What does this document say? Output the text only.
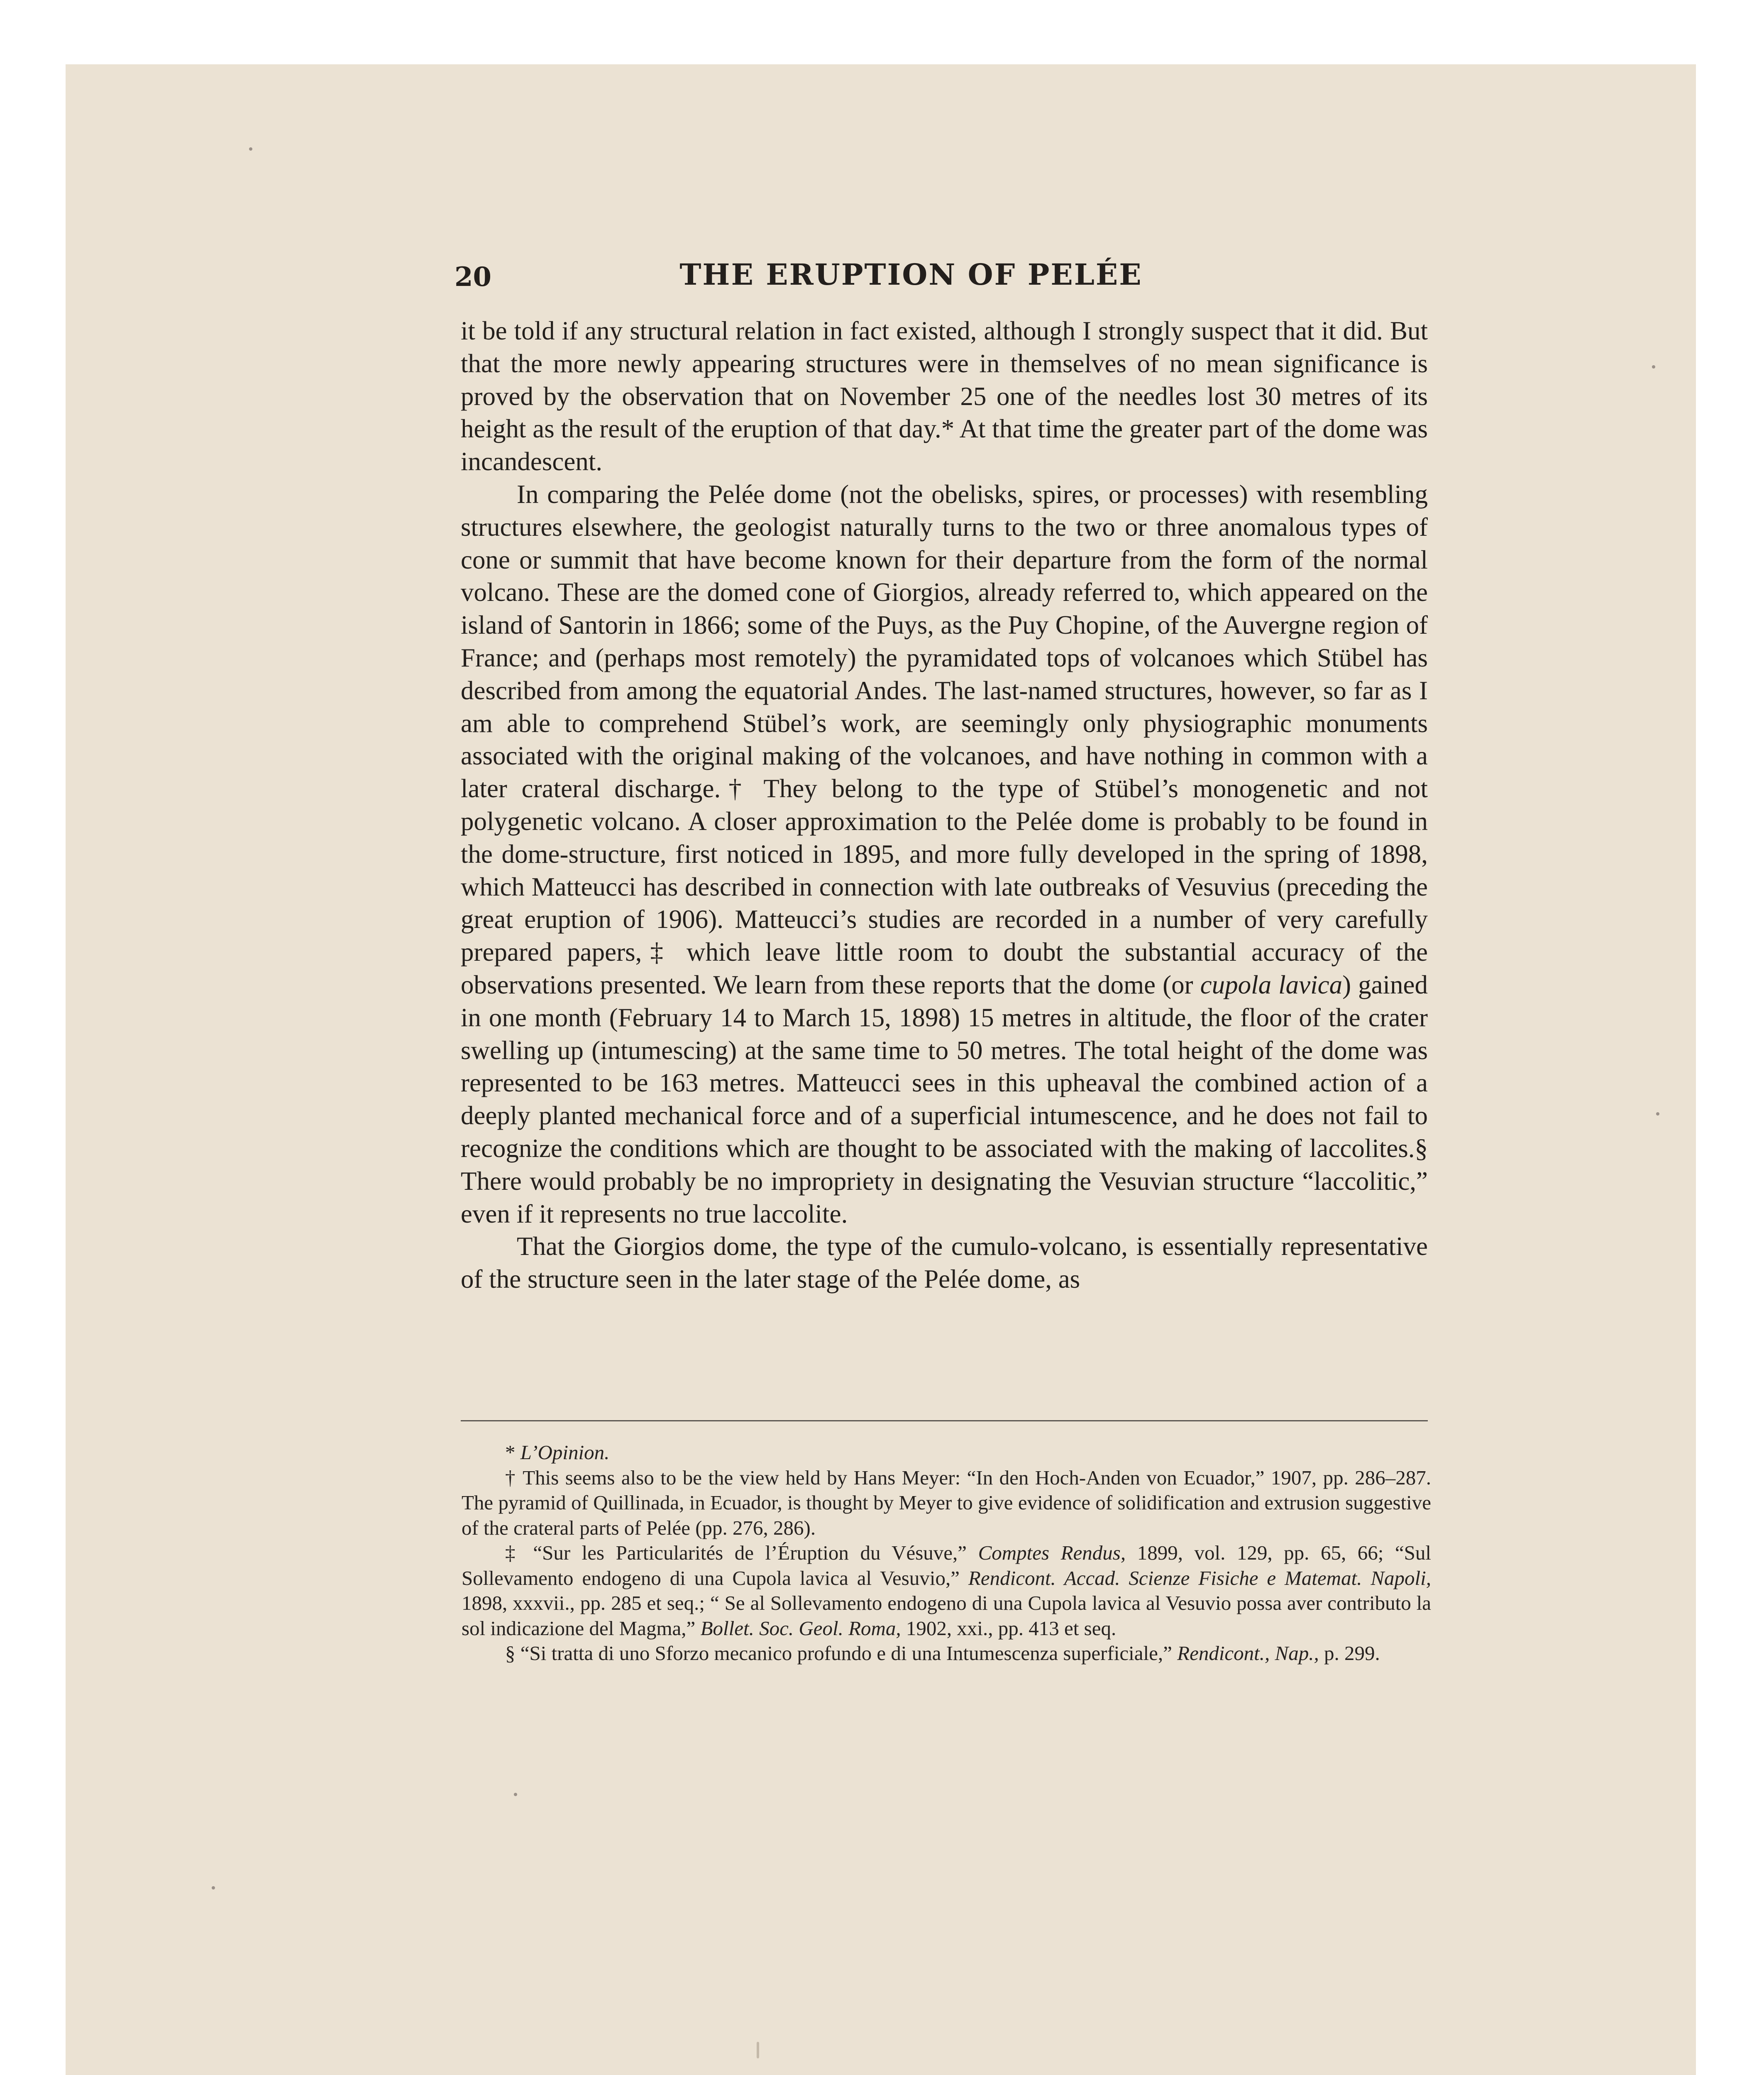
20	THE ERUPTION OF PELÉE

it be told if any structural relation in fact existed, although I strongly suspect that it did. But that the more newly appearing structures were in themselves of no mean significance is proved by the observation that on November 25 one of the needles lost 30 metres of its height as the result of the eruption of that day.* At that time the greater part of the dome was incandescent.

In comparing the Pelée dome (not the obelisks, spires, or processes) with resembling structures elsewhere, the geologist naturally turns to the two or three anomalous types of cone or summit that have become known for their departure from the form of the normal volcano. These are the domed cone of Giorgios, already referred to, which appeared on the island of Santorin in 1866; some of the Puys, as the Puy Chopine, of the Auvergne region of France; and (perhaps most remotely) the pyramidated tops of volcanoes which Stübel has described from among the equatorial Andes. The last-named structures, however, so far as I am able to comprehend Stübel’s work, are seemingly only physiographic monuments associated with the original making of the volcanoes, and have nothing in common with a later crateral discharge.† They belong to the type of Stübel’s monogenetic and not polygenetic volcano. A closer approximation to the Pelée dome is probably to be found in the dome-structure, first noticed in 1895, and more fully developed in the spring of 1898, which Matteucci has described in connection with late outbreaks of Vesuvius (preceding the great eruption of 1906). Matteucci’s studies are recorded in a number of very carefully prepared papers,‡ which leave little room to doubt the substantial accuracy of the observations presented. We learn from these reports that the dome (or cupola lavica) gained in one month (February 14 to March 15, 1898) 15 metres in altitude, the floor of the crater swelling up (intumescing) at the same time to 50 metres. The total height of the dome was represented to be 163 metres. Matteucci sees in this upheaval the combined action of a deeply planted mechanical force and of a superficial intumescence, and he does not fail to recognize the conditions which are thought to be associated with the making of laccolites.§ There would probably be no impropriety in designating the Vesuvian structure “laccolitic,” even if it represents no true laccolite.

That the Giorgios dome, the type of the cumulo-volcano, is essentially representative of the structure seen in the later stage of the Pelée dome, as

* L’Opinion.

† This seems also to be the view held by Hans Meyer: “In den Hoch-Anden von Ecuador,” 1907, pp. 286–287. The pyramid of Quillinada, in Ecuador, is thought by Meyer to give evidence of solidification and extrusion suggestive of the crateral parts of Pelée (pp. 276, 286).

‡ “Sur les Particularités de l’Éruption du Vésuve,” Comptes Rendus, 1899, vol. 129, pp. 65, 66; “Sul Sollevamento endogeno di una Cupola lavica al Vesuvio,” Rendicont. Accad. Scienze Fisiche e Matemat. Napoli, 1898, xxxvii., pp. 285 et seq.; “ Se al Sollevamento endogeno di una Cupola lavica al Vesuvio possa aver contributo la sol indicazione del Magma,” Bollet. Soc. Geol. Roma, 1902, xxi., pp. 413 et seq.

§ “Si tratta di uno Sforzo mecanico profundo e di una Intumescenza superficiale,” Rendicont., Nap., p. 299.
